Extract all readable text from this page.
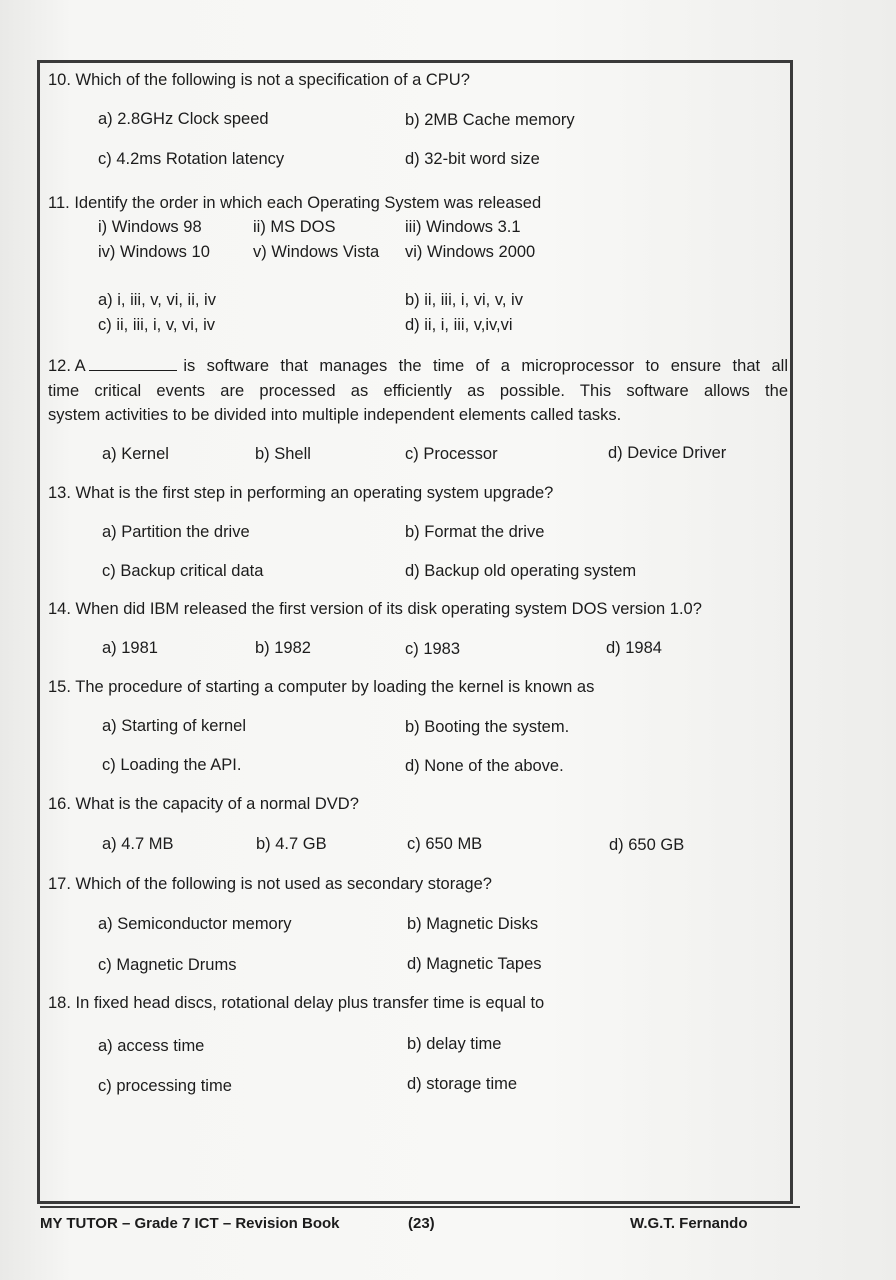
10. Which of the following is not a specification of a CPU?
a) 2.8GHz Clock speed	b) 2MB Cache memory
c) 4.2ms Rotation latency	d) 32-bit word size
11. Identify the order in which each Operating System was released
i) Windows 98	ii) MS DOS	iii) Windows 3.1
iv) Windows 10	v) Windows Vista vi) Windows 2000
a) i, iii, v, vi, ii, iv	b) ii, iii, i, vi, v, iv
c) ii, iii, i, v, vi, iv	d) ii, i, iii, v,iv,vi
12. A	is software that manages the time of a microprocessor to ensure that all
time critical events are processed as efficiently as possible. This software allows the
system activities to be divided into multiple independent elements called tasks.
a) Kernel	b) Shell	c) Processor	d) Device Driver
13. What is the first step in performing an operating system upgrade?
a) Partition the drive	b) Format the drive
c) Backup critical data	d) Backup old operating system
14. When did IBM released the first version of its disk operating system DOS version 1.0?
a) 1981	b) 1982	c) 1983	d) 1984
15. The procedure of starting a computer by loading the kernel is known as
a) Starting of kernel	b) Booting the system.
c) Loading the API.	d) None of the above.
16. What is the capacity of a normal DVD?
a) 4.7 MB	b) 4.7 GB	c) 650 MB	d) 650 GB
17. Which of the following is not used as secondary storage?
a) Semiconductor memory	b) Magnetic Disks
c) Magnetic Drums	d) Magnetic Tapes
18. In fixed head discs, rotational delay plus transfer time is equal to
a) access time	b) delay time
c) processing time	d) storage time
MY TUTOR – Grade 7 ICT – Revision Book	(23)	W.G.T. Fernando
